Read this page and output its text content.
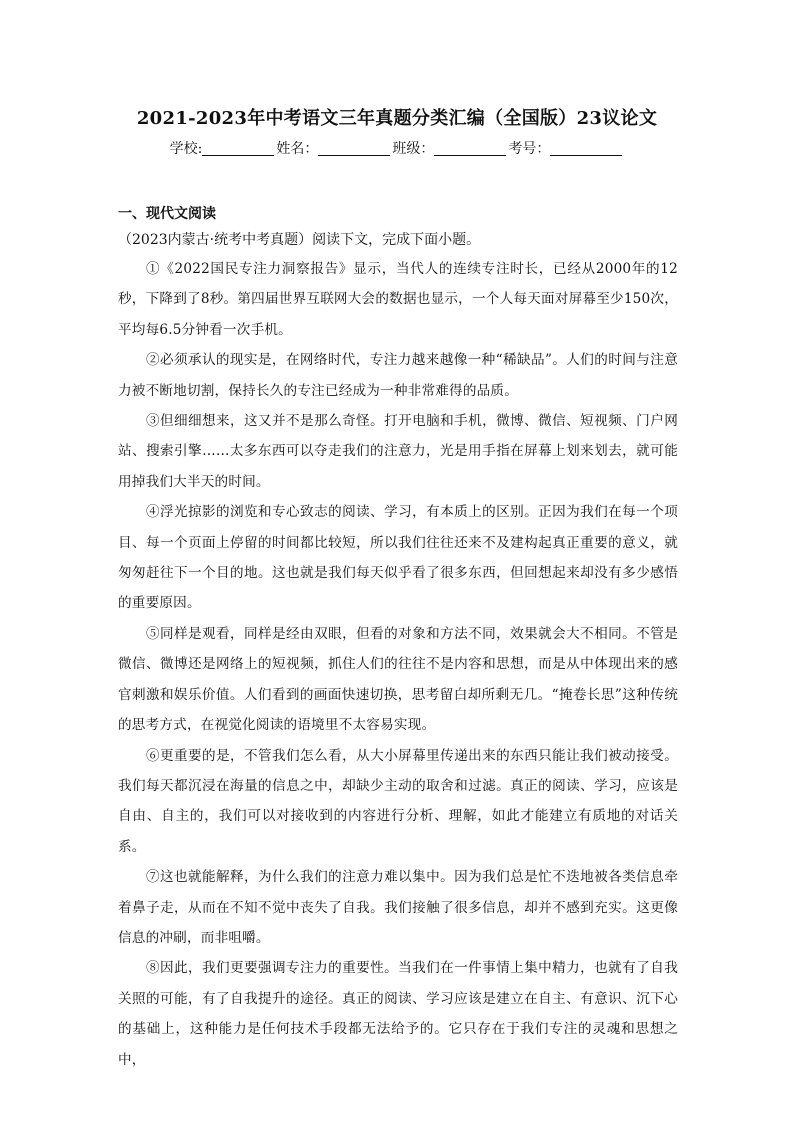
2021-2023年中考语文三年真题分类汇编（全国版）23议论文
学校:	姓名：	班级：	考号：
一、现代文阅读
（2023内蒙古·统考中考真题）阅读下文，完成下面小题。

①《2022国民专注力洞察报告》显示，当代人的连续专注时长，已经从2000年的12秒，下降到了8秒。第四届世界互联网大会的数据也显示，一个人每天面对屏幕至少150次，平均每6.5分钟看一次手机。

②必须承认的现实是，在网络时代，专注力越来越像一种“稀缺品”。人们的时间与注意力被不断地切割，保持长久的专注已经成为一种非常难得的品质。

③但细细想来，这又并不是那么奇怪。打开电脑和手机，微博、微信、短视频、门户网站、搜索引擎……太多东西可以夺走我们的注意力，光是用手指在屏幕上划来划去，就可能用掉我们大半天的时间。

④浮光掠影的浏览和专心致志的阅读、学习，有本质上的区别。正因为我们在每一个项目、每一个页面上停留的时间都比较短，所以我们往往还来不及建构起真正重要的意义，就匆匆赶往下一个目的地。这也就是我们每天似乎看了很多东西，但回想起来却没有多少感悟的重要原因。

⑤同样是观看，同样是经由双眼，但看的对象和方法不同，效果就会大不相同。不管是微信、微博还是网络上的短视频，抓住人们的往往不是内容和思想，而是从中体现出来的感官刺激和娱乐价值。人们看到的画面快速切换，思考留白却所剩无几。“掩卷长思”这种传统的思考方式，在视觉化阅读的语境里不太容易实现。

⑥更重要的是，不管我们怎么看，从大小屏幕里传递出来的东西只能让我们被动接受。我们每天都沉浸在海量的信息之中，却缺少主动的取舍和过滤。真正的阅读、学习，应该是自由、自主的，我们可以对接收到的内容进行分析、理解，如此才能建立有质地的对话关系。

⑦这也就能解释，为什么我们的注意力难以集中。因为我们总是忙不迭地被各类信息牵着鼻子走，从而在不知不觉中丧失了自我。我们接触了很多信息，却并不感到充实。这更像信息的冲刷，而非咀嚼。

⑧因此，我们更要强调专注力的重要性。当我们在一件事情上集中精力，也就有了自我关照的可能，有了自我提升的途径。真正的阅读、学习应该是建立在自主、有意识、沉下心的基础上，这种能力是任何技术手段都无法给予的。它只存在于我们专注的灵魂和思想之中，
